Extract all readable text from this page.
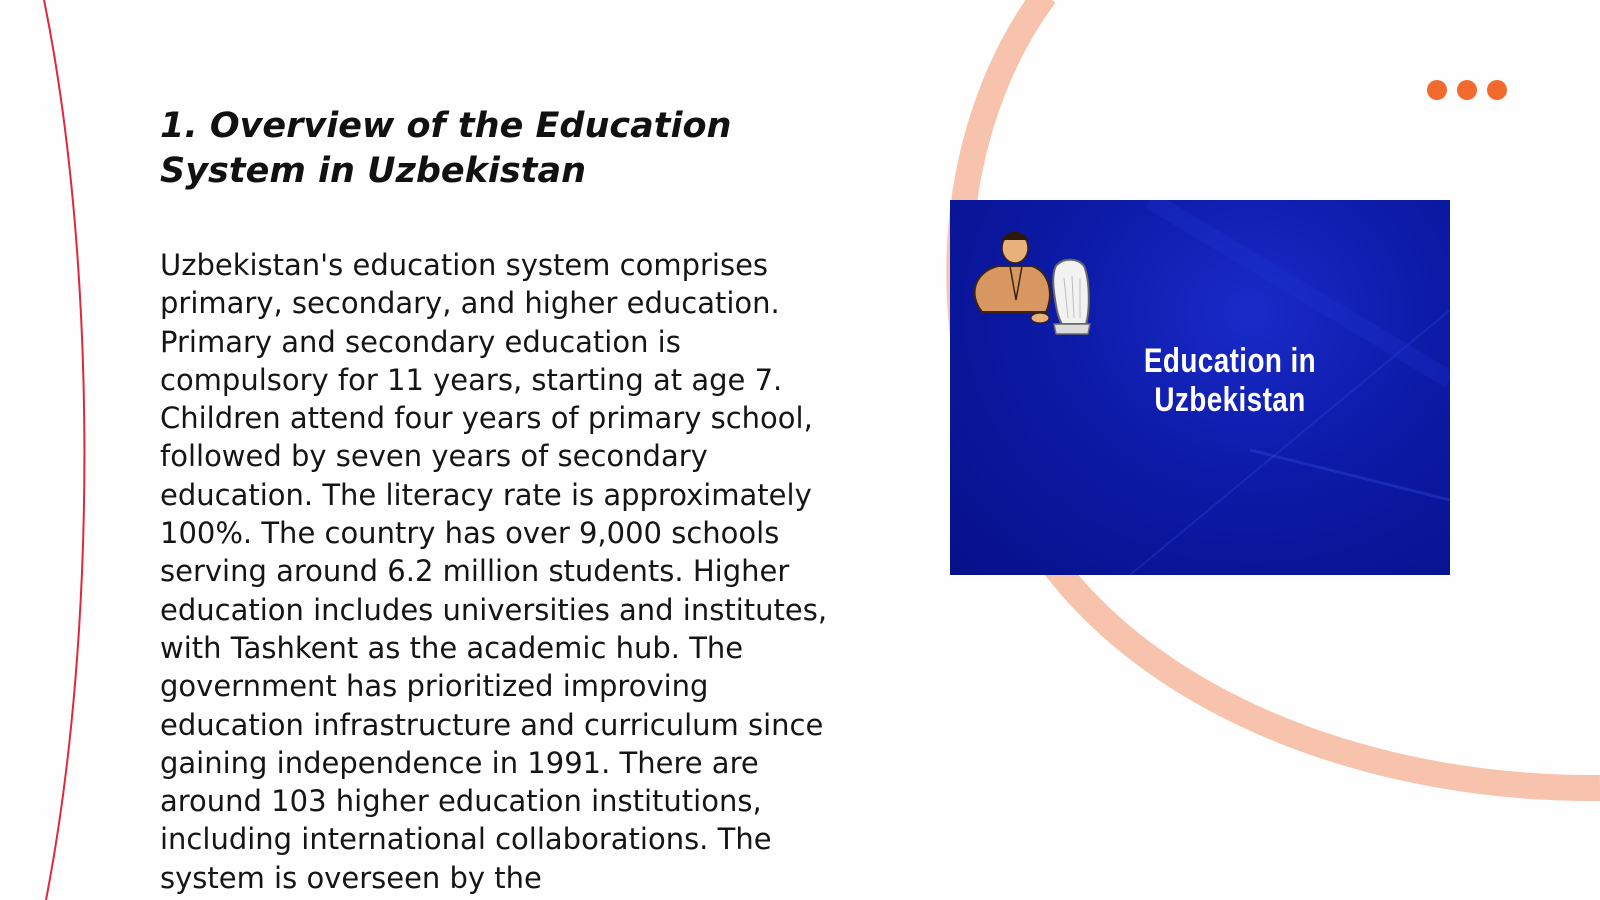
1. Overview of the Education System in Uzbekistan

Uzbekistan's education system comprises primary, secondary, and higher education. Primary and secondary education is compulsory for 11 years, starting at age 7. Children attend four years of primary school, followed by seven years of secondary education. The literacy rate is approximately 100%. The country has over 9,000 schools serving around 6.2 million students. Higher education includes universities and institutes, with Tashkent as the academic hub. The government has prioritized improving education infrastructure and curriculum since gaining independence in 1991. There are around 103 higher education institutions, including international collaborations. The system is overseen by the

Education in Uzbekistan
